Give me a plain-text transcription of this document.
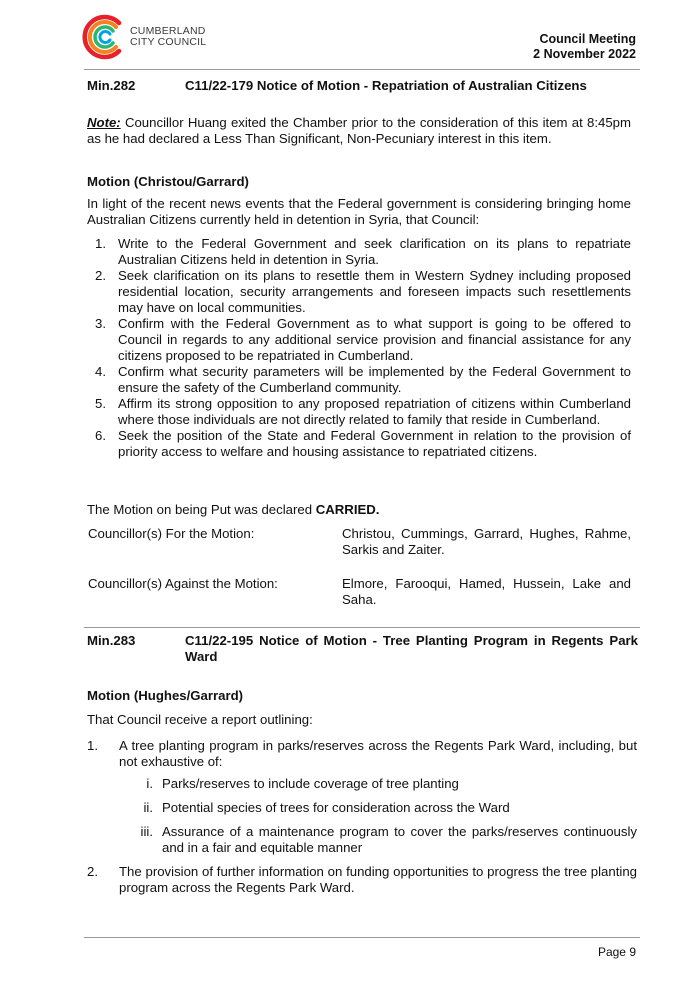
CUMBERLAND
CITY COUNCIL	Council Meeting
2 November 2022
Min.282	C11/22-179 Notice of Motion - Repatriation of Australian Citizens
Note: Councillor Huang exited the Chamber prior to the consideration of this item at 8:45pm as he had declared a Less Than Significant, Non-Pecuniary interest in this item.
Motion (Christou/Garrard)
In light of the recent news events that the Federal government is considering bringing home Australian Citizens currently held in detention in Syria, that Council:
1. Write to the Federal Government and seek clarification on its plans to repatriate Australian Citizens held in detention in Syria.
2. Seek clarification on its plans to resettle them in Western Sydney including proposed residential location, security arrangements and foreseen impacts such resettlements may have on local communities.
3. Confirm with the Federal Government as to what support is going to be offered to Council in regards to any additional service provision and financial assistance for any citizens proposed to be repatriated in Cumberland.
4. Confirm what security parameters will be implemented by the Federal Government to ensure the safety of the Cumberland community.
5. Affirm its strong opposition to any proposed repatriation of citizens within Cumberland where those individuals are not directly related to family that reside in Cumberland.
6. Seek the position of the State and Federal Government in relation to the provision of priority access to welfare and housing assistance to repatriated citizens.
The Motion on being Put was declared CARRIED.
Councillor(s) For the Motion:	Christou, Cummings, Garrard, Hughes, Rahme, Sarkis and Zaiter.
Councillor(s) Against the Motion:	Elmore, Farooqui, Hamed, Hussein, Lake and Saha.
Min.283	C11/22-195 Notice of Motion - Tree Planting Program in Regents Park Ward
Motion (Hughes/Garrard)
That Council receive a report outlining:
1. A tree planting program in parks/reserves across the Regents Park Ward, including, but not exhaustive of:
i. Parks/reserves to include coverage of tree planting
ii. Potential species of trees for consideration across the Ward
iii. Assurance of a maintenance program to cover the parks/reserves continuously and in a fair and equitable manner
2. The provision of further information on funding opportunities to progress the tree planting program across the Regents Park Ward.
Page 9
